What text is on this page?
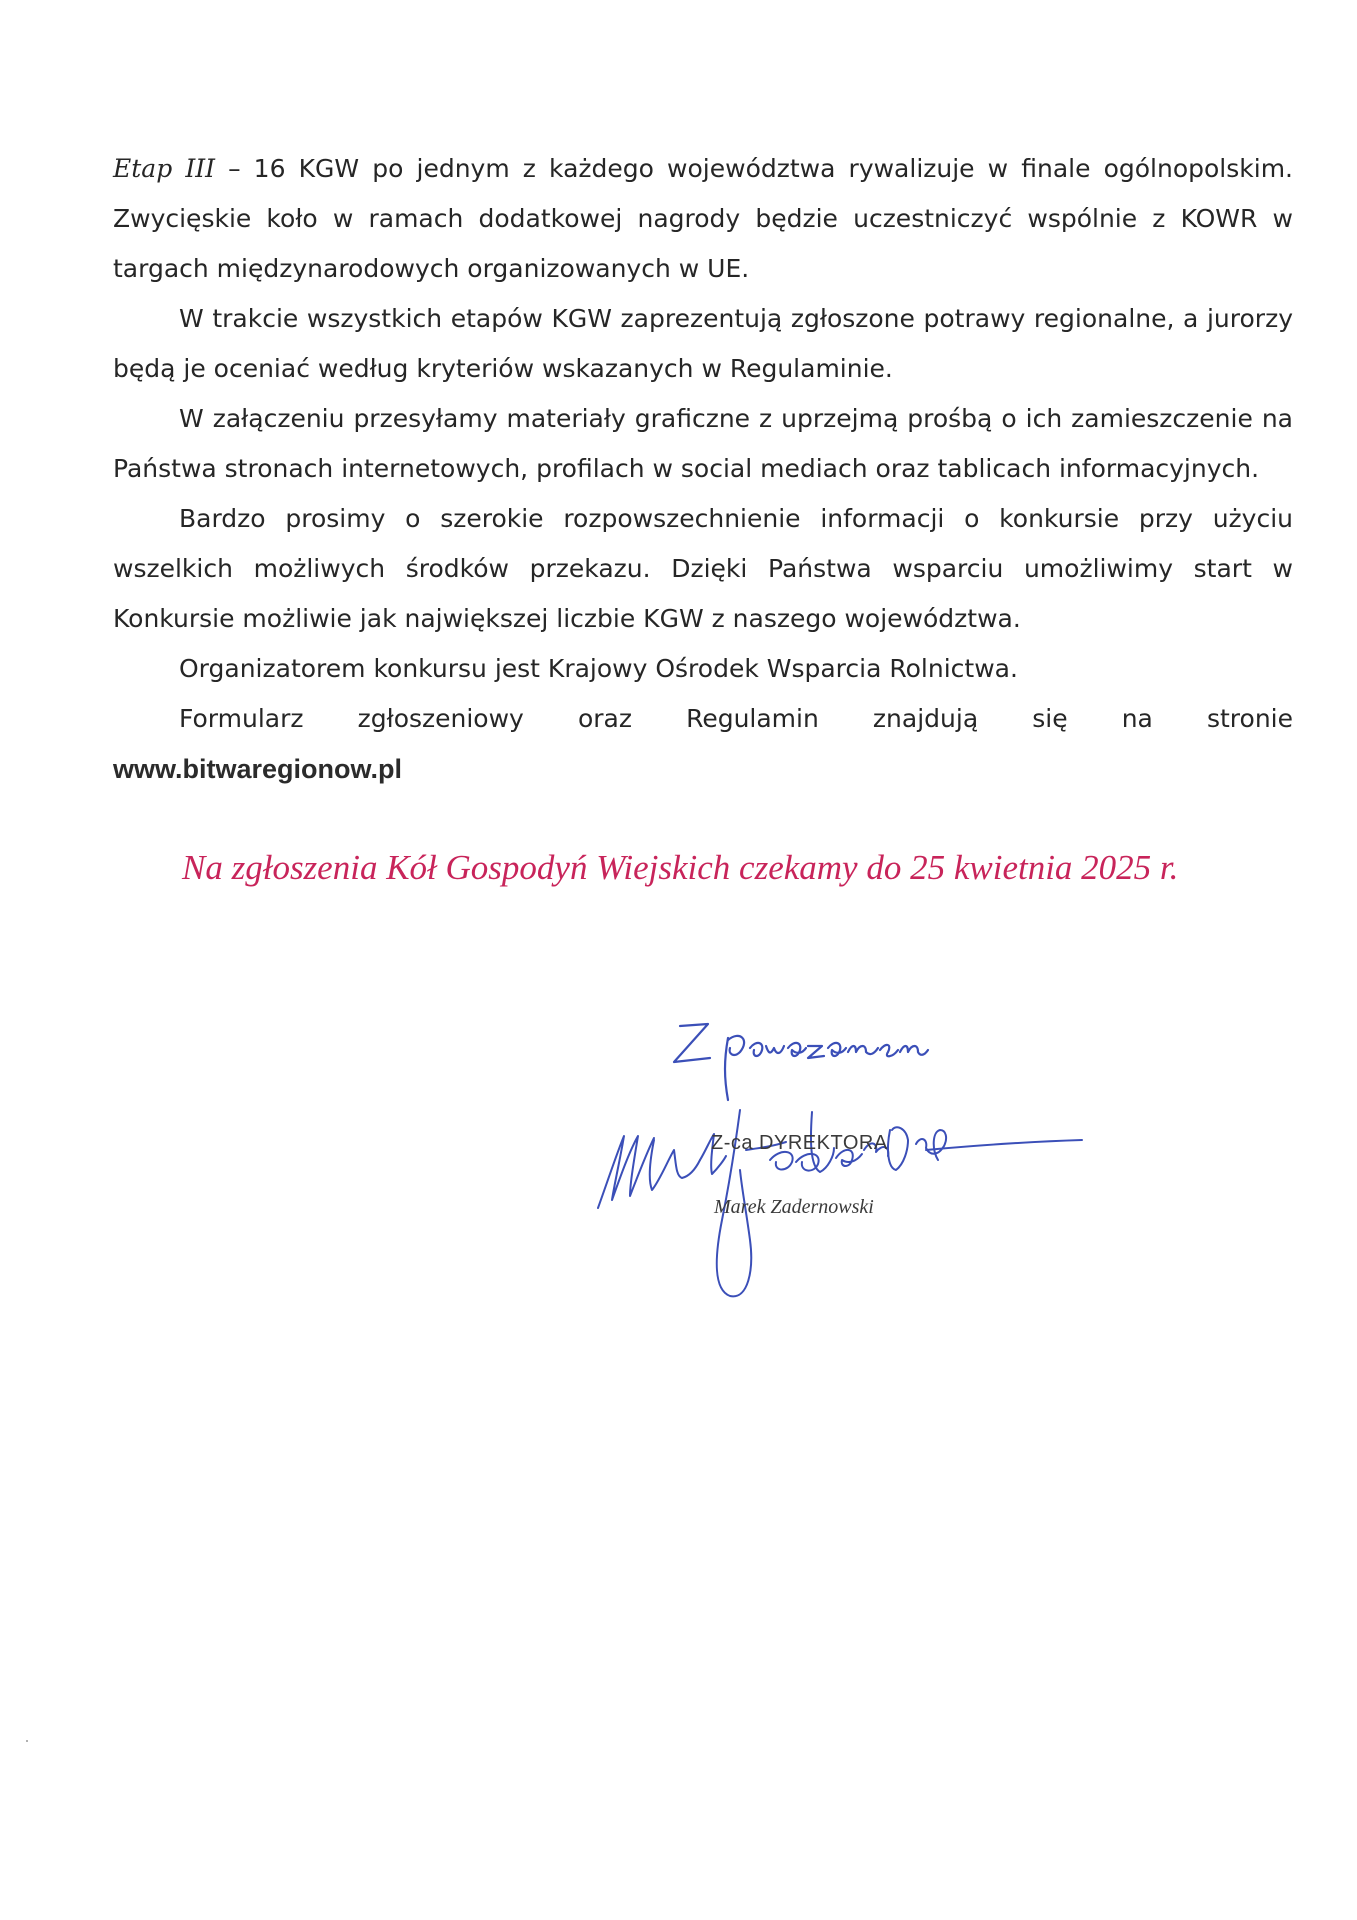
Etap III – 16 KGW po jednym z każdego województwa rywalizuje w finale ogólnopolskim. Zwycięskie koło w ramach dodatkowej nagrody będzie uczestniczyć wspólnie z KOWR w targach międzynarodowych organizowanych w UE.

W trakcie wszystkich etapów KGW zaprezentują zgłoszone potrawy regionalne, a jurorzy będą je oceniać według kryteriów wskazanych w Regulaminie.

W załączeniu przesyłamy materiały graficzne z uprzejmą prośbą o ich zamieszczenie na Państwa stronach internetowych, profilach w social mediach oraz tablicach informacyjnych.

Bardzo prosimy o szerokie rozpowszechnienie informacji o konkursie przy użyciu wszelkich możliwych środków przekazu. Dzięki Państwa wsparciu umożliwimy start w Konkursie możliwie jak największej liczbie KGW z naszego województwa.

Organizatorem konkursu jest Krajowy Ośrodek Wsparcia Rolnictwa.

Formularz zgłoszeniowy oraz Regulamin znajdują się na stronie

www.bitwaregionow.pl

Na zgłoszenia Kół Gospodyń Wiejskich czekamy do 25 kwietnia 2025 r.
Z-ca DYREKTORA
Marek Zadernowski
